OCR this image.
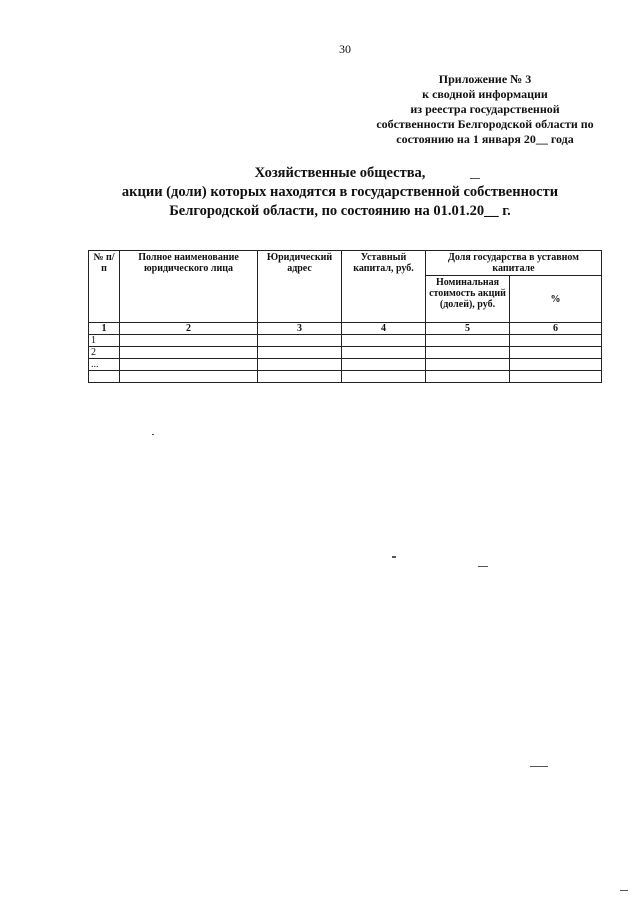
30
Приложение № 3
к сводной информации
из реестра государственной
собственности Белгородской области по
состоянию на 1 января 20__ года
Хозяйственные общества,
акции (доли) которых находятся в государственной собственности
Белгородской области, по состоянию на 01.01.20__ г.
№ п/п	Полное наименование юридического лица	Юридический адрес	Уставный капитал, руб.	Доля государства в уставном капитале	
				Номинальная стоимость акций (долей), руб.	%
1	2	3	4	5	6
1					
2					
...					
